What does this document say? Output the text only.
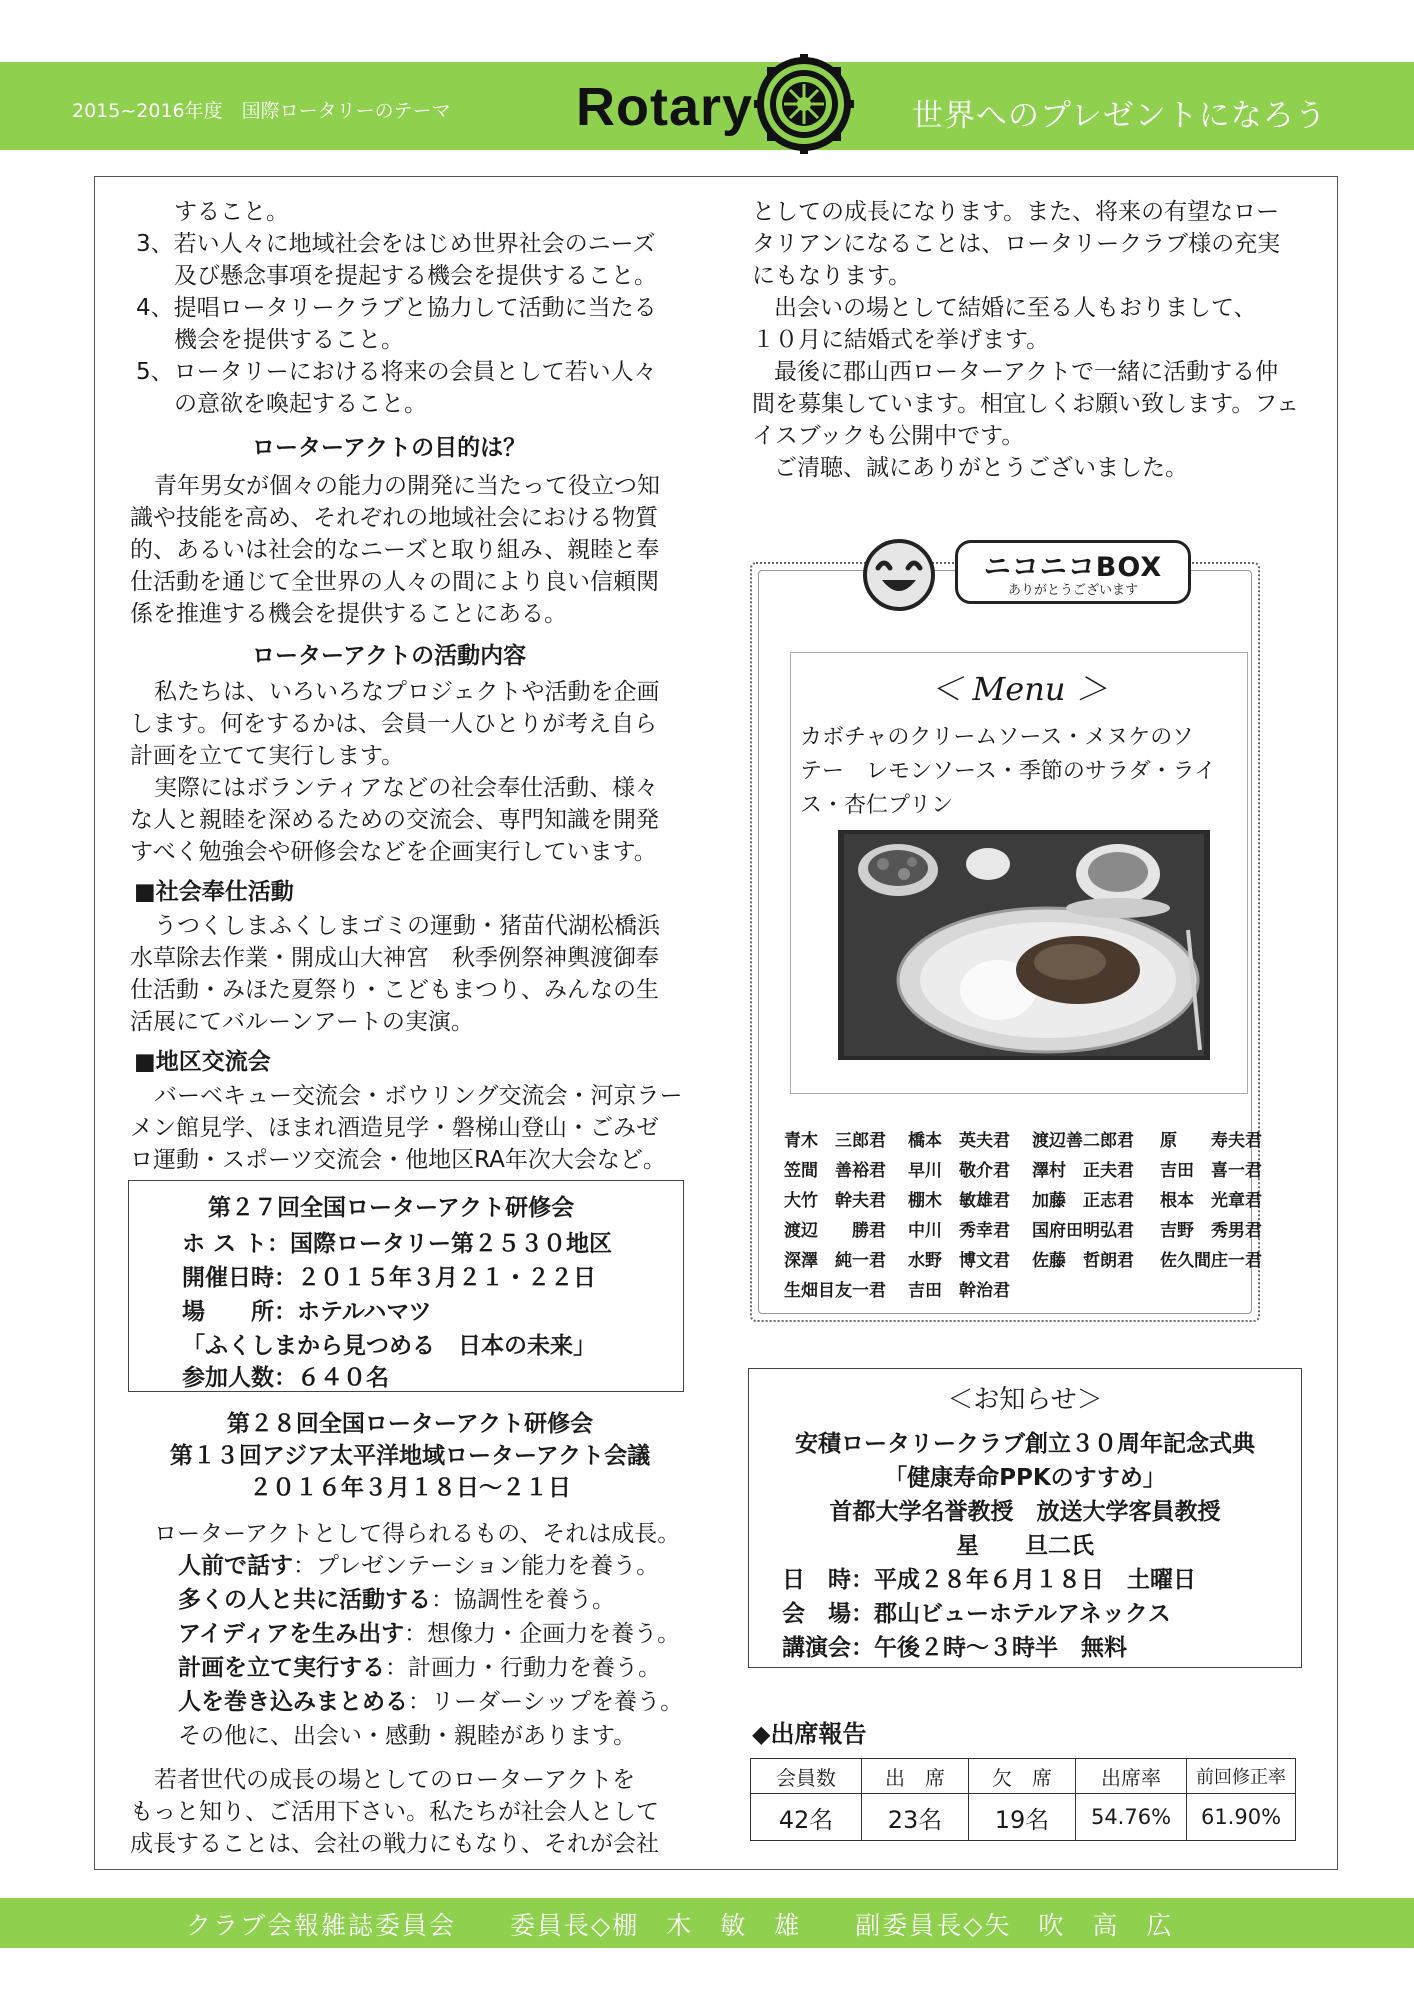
2015~2016年度　国際ロータリーのテーマ Rotary	世界へのプレゼントになろう
すること。
3、若い人々に地域社会をはじめ世界社会のニーズ
及び懸念事項を提起する機会を提供すること。
4、提唱ロータリークラブと協力して活動に当たる
機会を提供すること。
5、ロータリーにおける将来の会員として若い人々
の意欲を喚起すること。
ローターアクトの目的は？
青年男女が個々の能力の開発に当たって役立つ知
識や技能を高め、それぞれの地域社会における物質
的、あるいは社会的なニーズと取り組み、親睦と奉
仕活動を通じて全世界の人々の間により良い信頼関
係を推進する機会を提供することにある。
ローターアクトの活動内容
私たちは、いろいろなプロジェクトや活動を企画
します。何をするかは、会員一人ひとりが考え自ら
計画を立てて実行します。
実際にはボランティアなどの社会奉仕活動、様々
な人と親睦を深めるための交流会、専門知識を開発
すべく勉強会や研修会などを企画実行しています。
■社会奉仕活動
うつくしまふくしまゴミの運動・猪苗代湖松橋浜
水草除去作業・開成山大神宮　秋季例祭神輿渡御奉
仕活動・みほた夏祭り・こどもまつり、みんなの生
活展にてバルーンアートの実演。
■地区交流会
バーベキュー交流会・ボウリング交流会・河京ラー
メン館見学、ほまれ酒造見学・磐梯山登山・ごみゼ
ロ運動・スポーツ交流会・他地区RA年次大会など。
第２７回全国ローターアクト研修会
ホ ス ト：国際ロータリー第２５３０地区
開催日時：２０１５年３月２１・２２日
場　　所：ホテルハマツ
「ふくしまから見つめる　日本の未来」
参加人数：６４０名
第２８回全国ローターアクト研修会
第１３回アジア太平洋地域ローターアクト会議
２０１６年３月１８日～２１日
ローターアクトとして得られるもの、それは成長。
人前で話す：プレゼンテーション能力を養う。
多くの人と共に活動する：協調性を養う。
アイディアを生み出す：想像力・企画力を養う。
計画を立て実行する：計画力・行動力を養う。
人を巻き込みまとめる：リーダーシップを養う。
その他に、出会い・感動・親睦があります。
若者世代の成長の場としてのローターアクトを
もっと知り、ご活用下さい。私たちが社会人として
成長することは、会社の戦力にもなり、それが会社
としての成長になります。また、将来の有望なロー
タリアンになることは、ロータリークラブ様の充実
にもなります。
出会いの場として結婚に至る人もおりまして、
１０月に結婚式を挙げます。
最後に郡山西ローターアクトで一緒に活動する仲
間を募集しています。相宜しくお願い致します。フェ
イスブックも公開中です。
ご清聴、誠にありがとうございました。
ニコニコBOX
ありがとうございます
＜ Menu ＞
カボチャのクリームソース・メヌケのソ
テー　レモンソース・季節のサラダ・ライ
ス・杏仁プリン
青木　三郎君 橋本　英夫君 渡辺善二郎君 原　　寿夫君
笠間　善裕君 早川　敬介君 澤村　正夫君 吉田　喜一君
大竹　幹夫君 棚木　敏雄君 加藤　正志君 根本　光章君
渡辺　　勝君 中川　秀幸君 国府田明弘君 吉野　秀男君
深澤　純一君 水野　博文君 佐藤　哲朗君 佐久間庄一君
生畑目友一君 吉田　幹治君
＜お知らせ＞
安積ロータリークラブ創立３０周年記念式典
「健康寿命PPKのすすめ」
首都大学名誉教授　放送大学客員教授
星　　旦二氏
日　時：平成２８年６月１８日　土曜日
会　場：郡山ビューホテルアネックス
講演会：午後２時～３時半　無料
◆出席報告
会員数	出　席	欠　席	出席率	前回修正率
42名	23名	19名	54.76%	61.90%
クラブ会報雑誌委員会　　委員長◇棚　木　敏　雄　　副委員長◇矢　吹　高　広
